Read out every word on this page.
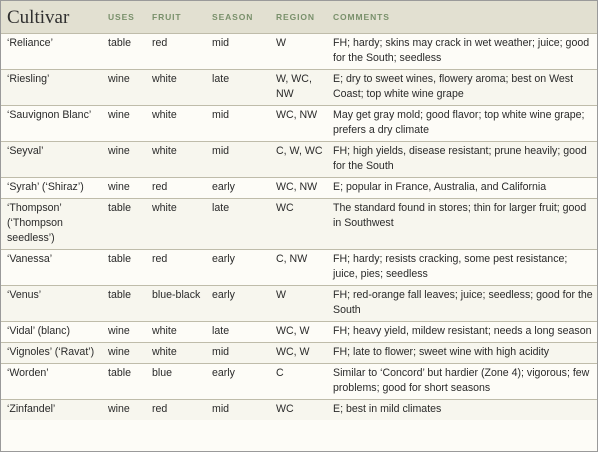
Cultivar	USES	FRUIT	SEASON	REGION	COMMENTS
‘Reliance’	table	red	mid	W	FH; hardy; skins may crack in wet weather; juice; good for the South; seedless
‘Riesling’	wine	white	late	W, WC, NW	E; dry to sweet wines, flowery aroma; best on West Coast; top white wine grape
‘Sauvignon Blanc’	wine	white	mid	WC, NW	May get gray mold; good flavor; top white wine grape; prefers a dry climate
‘Seyval’	wine	white	mid	C, W, WC	FH; high yields, disease resistant; prune heavily; good for the South
‘Syrah’ (‘Shiraz’)	wine	red	early	WC, NW	E; popular in France, Australia, and California
‘Thompson’ (‘Thompson seedless’)	table	white	late	WC	The standard found in stores; thin for larger fruit; good in Southwest
‘Vanessa’	table	red	early	C, NW	FH; hardy; resists cracking, some pest resistance; juice, pies; seedless
‘Venus’	table	blue-black	early	W	FH; red-orange fall leaves; juice; seedless; good for the South
‘Vidal’ (blanc)	wine	white	late	WC, W	FH; heavy yield, mildew resistant; needs a long season
‘Vignoles’ (‘Ravat’)	wine	white	mid	WC, W	FH; late to flower; sweet wine with high acidity
‘Worden’	table	blue	early	C	Similar to ‘Concord’ but hardier (Zone 4); vigorous; few problems; good for short seasons
‘Zinfandel’	wine	red	mid	WC	E; best in mild climates
